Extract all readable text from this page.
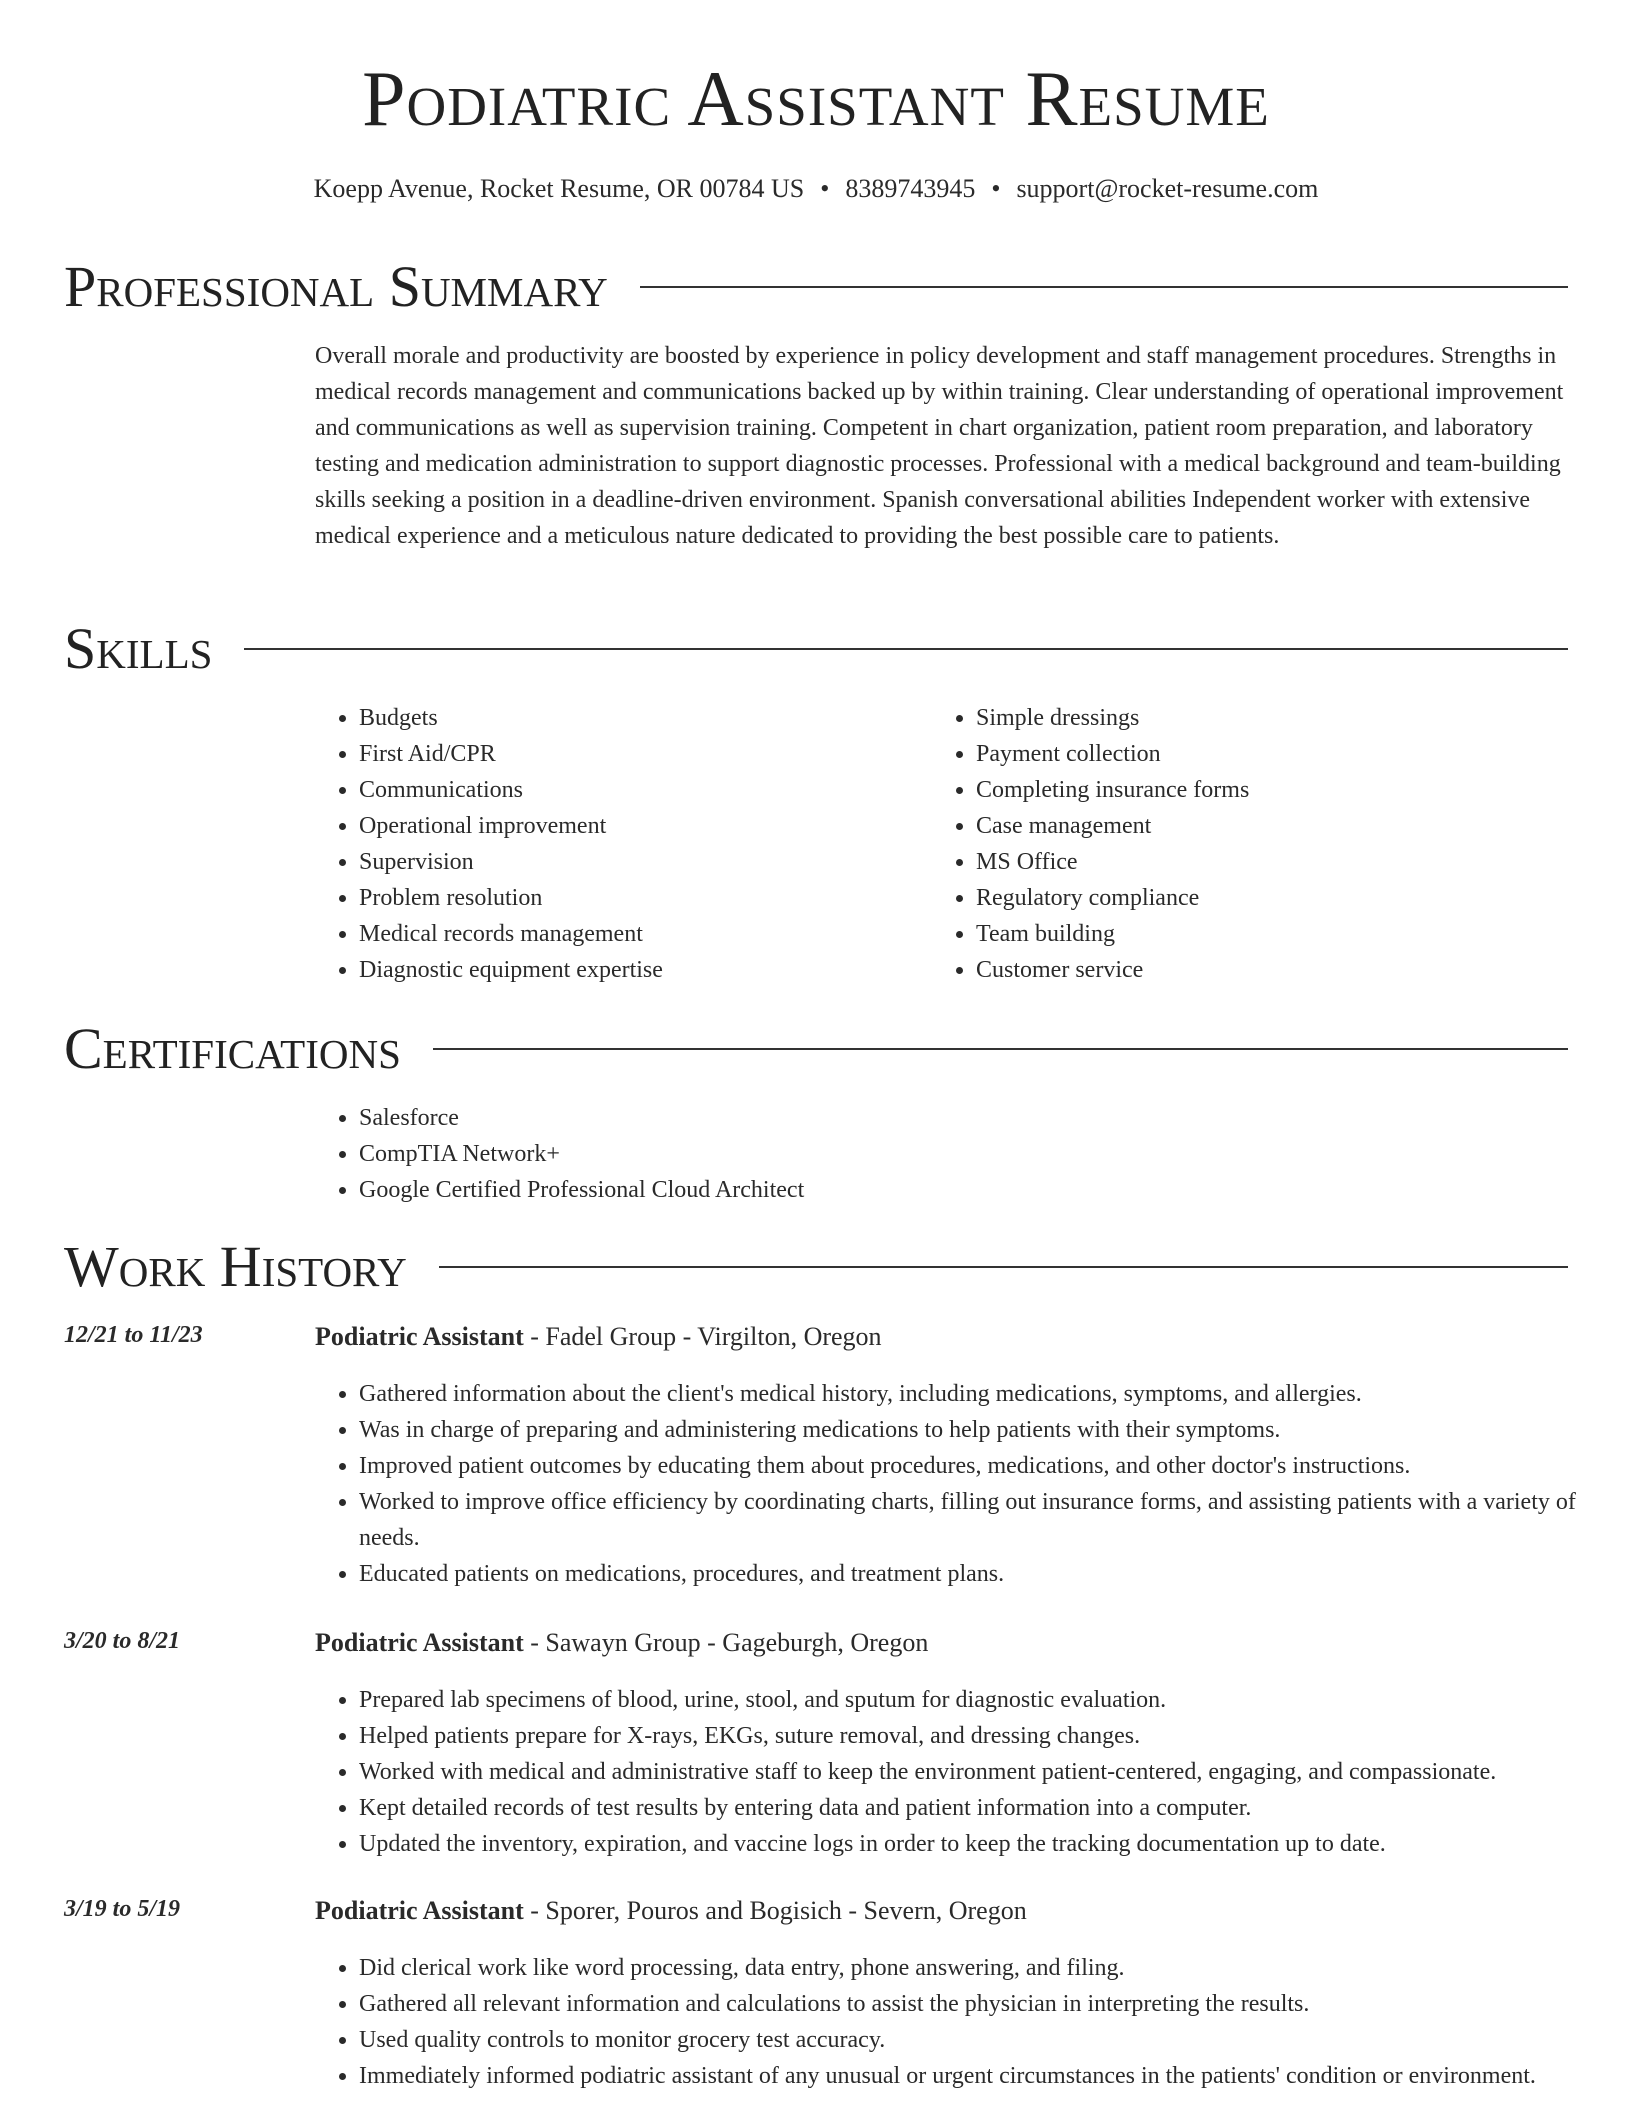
Podiatric Assistant Resume
Koepp Avenue, Rocket Resume, OR 00784 US • 8389743945 • support@rocket-resume.com
Professional Summary

Overall morale and productivity are boosted by experience in policy development and staff management procedures. Strengths in medical records management and communications backed up by within training. Clear understanding of operational improvement and communications as well as supervision training. Competent in chart organization, patient room preparation, and laboratory testing and medication administration to support diagnostic processes. Professional with a medical background and team-building skills seeking a position in a deadline-driven environment. Spanish conversational abilities Independent worker with extensive medical experience and a meticulous nature dedicated to providing the best possible care to patients.

Skills
• Budgets
• First Aid/CPR
• Communications
• Operational improvement
• Supervision
• Problem resolution
• Medical records management
• Diagnostic equipment expertise
• Simple dressings
• Payment collection
• Completing insurance forms
• Case management
• MS Office
• Regulatory compliance
• Team building
• Customer service
Certifications
• Salesforce
• CompTIA Network+
• Google Certified Professional Cloud Architect
Work History
12/21 to 11/23	Podiatric Assistant - Fadel Group - Virgilton, Oregon
• Gathered information about the client's medical history, including medications, symptoms, and allergies.
• Was in charge of preparing and administering medications to help patients with their symptoms.
• Improved patient outcomes by educating them about procedures, medications, and other doctor's instructions.
• Worked to improve office efficiency by coordinating charts, filling out insurance forms, and assisting patients with a variety of needs.
• Educated patients on medications, procedures, and treatment plans.
3/20 to 8/21	Podiatric Assistant - Sawayn Group - Gageburgh, Oregon
• Prepared lab specimens of blood, urine, stool, and sputum for diagnostic evaluation.
• Helped patients prepare for X-rays, EKGs, suture removal, and dressing changes.
• Worked with medical and administrative staff to keep the environment patient-centered, engaging, and compassionate.
• Kept detailed records of test results by entering data and patient information into a computer.
• Updated the inventory, expiration, and vaccine logs in order to keep the tracking documentation up to date.
3/19 to 5/19	Podiatric Assistant - Sporer, Pouros and Bogisich - Severn, Oregon
• Did clerical work like word processing, data entry, phone answering, and filing.
• Gathered all relevant information and calculations to assist the physician in interpreting the results.
• Used quality controls to monitor grocery test accuracy.
• Immediately informed podiatric assistant of any unusual or urgent circumstances in the patients' condition or environment.
